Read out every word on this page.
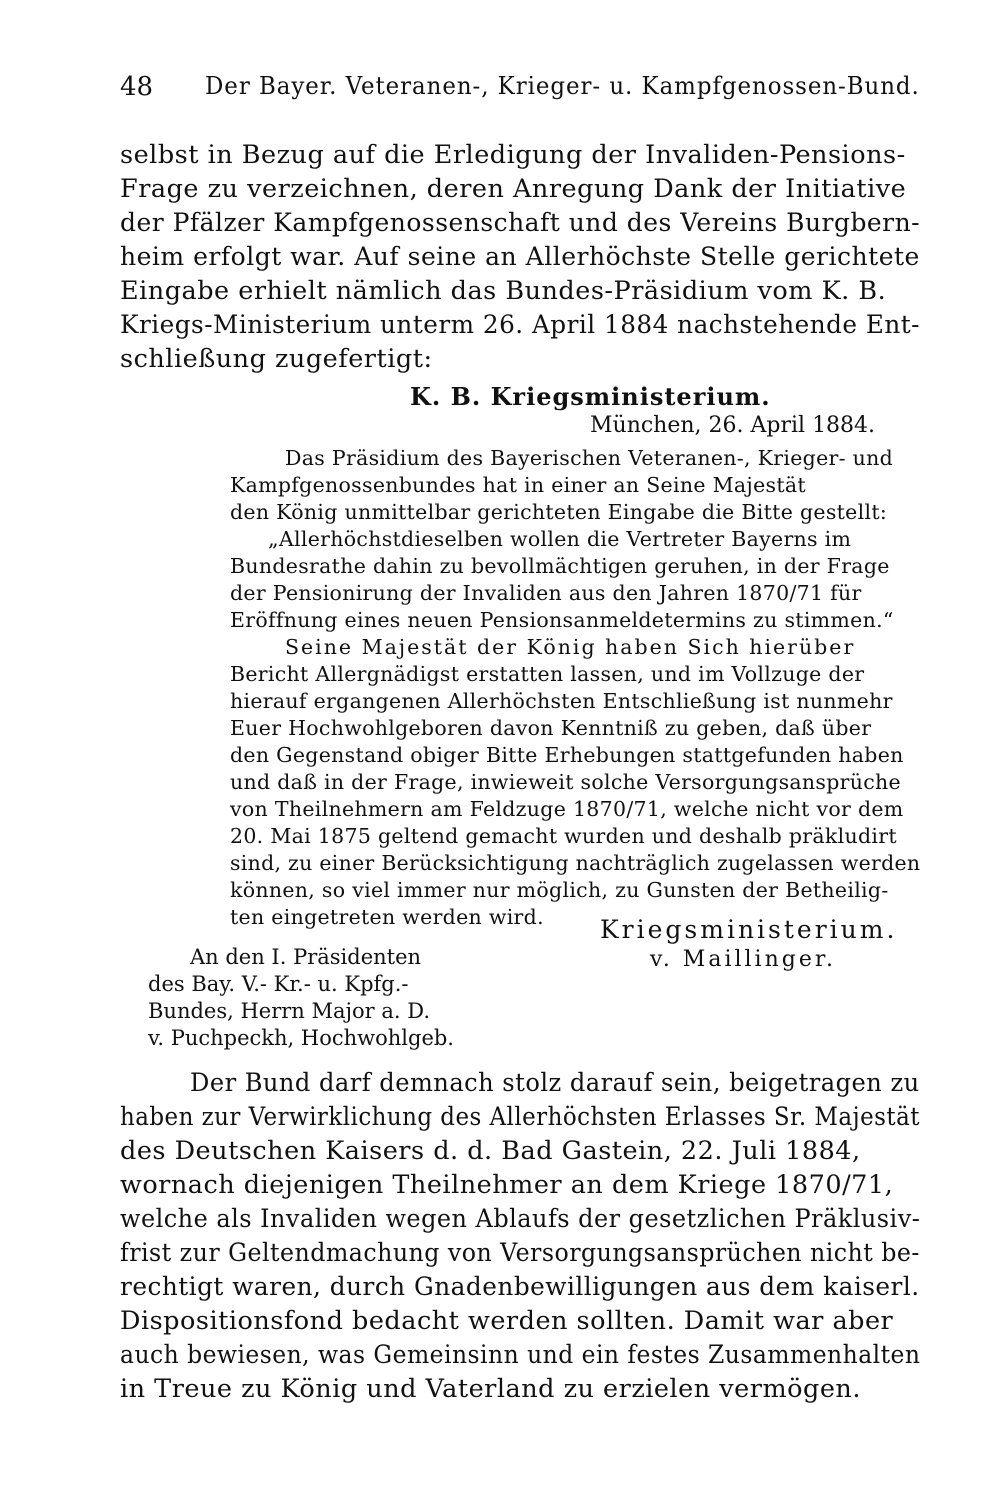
48 Der Bayer. Veteranen-, Krieger- u. Kampfgenossen-Bund.
selbst in Bezug auf die Erledigung der Invaliden-Pensions-
Frage zu verzeichnen, deren Anregung Dank der Initiative
der Pfälzer Kampfgenossenschaft und des Vereins Burgbern-
heim erfolgt war. Auf seine an Allerhöchste Stelle gerichtete
Eingabe erhielt nämlich das Bundes-Präsidium vom K. B.
Kriegs-Ministerium unterm 26. April 1884 nachstehende Ent-
schließung zugefertigt:
K. B. Kriegsministerium.
München, 26. April 1884.
Das Präsidium des Bayerischen Veteranen-, Krieger- und
Kampfgenossenbundes hat in einer an Seine Majestät
den König unmittelbar gerichteten Eingabe die Bitte gestellt:
„Allerhöchstdieselben wollen die Vertreter Bayerns im
Bundesrathe dahin zu bevollmächtigen geruhen, in der Frage
der Pensionirung der Invaliden aus den Jahren 1870/71 für
Eröffnung eines neuen Pensionsanmeldetermins zu stimmen.“
Seine Majestät der König haben Sich hierüber
Bericht Allergnädigst erstatten lassen, und im Vollzuge der
hierauf ergangenen Allerhöchsten Entschließung ist nunmehr
Euer Hochwohlgeboren davon Kenntniß zu geben, daß über
den Gegenstand obiger Bitte Erhebungen stattgefunden haben
und daß in der Frage, inwieweit solche Versorgungsansprüche
von Theilnehmern am Feldzuge 1870/71, welche nicht vor dem
20. Mai 1875 geltend gemacht wurden und deshalb präkludirt
sind, zu einer Berücksichtigung nachträglich zugelassen werden
können, so viel immer nur möglich, zu Gunsten der Betheilig-
ten eingetreten werden wird. Kriegsministerium.
v. Maillinger.
An den I. Präsidenten
des Bay. V.- Kr.- u. Kpfg.-
Bundes, Herrn Major a. D.
v. Puchpeckh, Hochwohlgeb.
Der Bund darf demnach stolz darauf sein, beigetragen zu
haben zur Verwirklichung des Allerhöchsten Erlasses Sr. Majestät
des Deutschen Kaisers d. d. Bad Gastein, 22. Juli 1884,
wornach diejenigen Theilnehmer an dem Kriege 1870/71,
welche als Invaliden wegen Ablaufs der gesetzlichen Präklusiv-
frist zur Geltendmachung von Versorgungsansprüchen nicht be-
rechtigt waren, durch Gnadenbewilligungen aus dem kaiserl.
Dispositionsfond bedacht werden sollten. Damit war aber
auch bewiesen, was Gemeinsinn und ein festes Zusammenhalten
in Treue zu König und Vaterland zu erzielen vermögen.
